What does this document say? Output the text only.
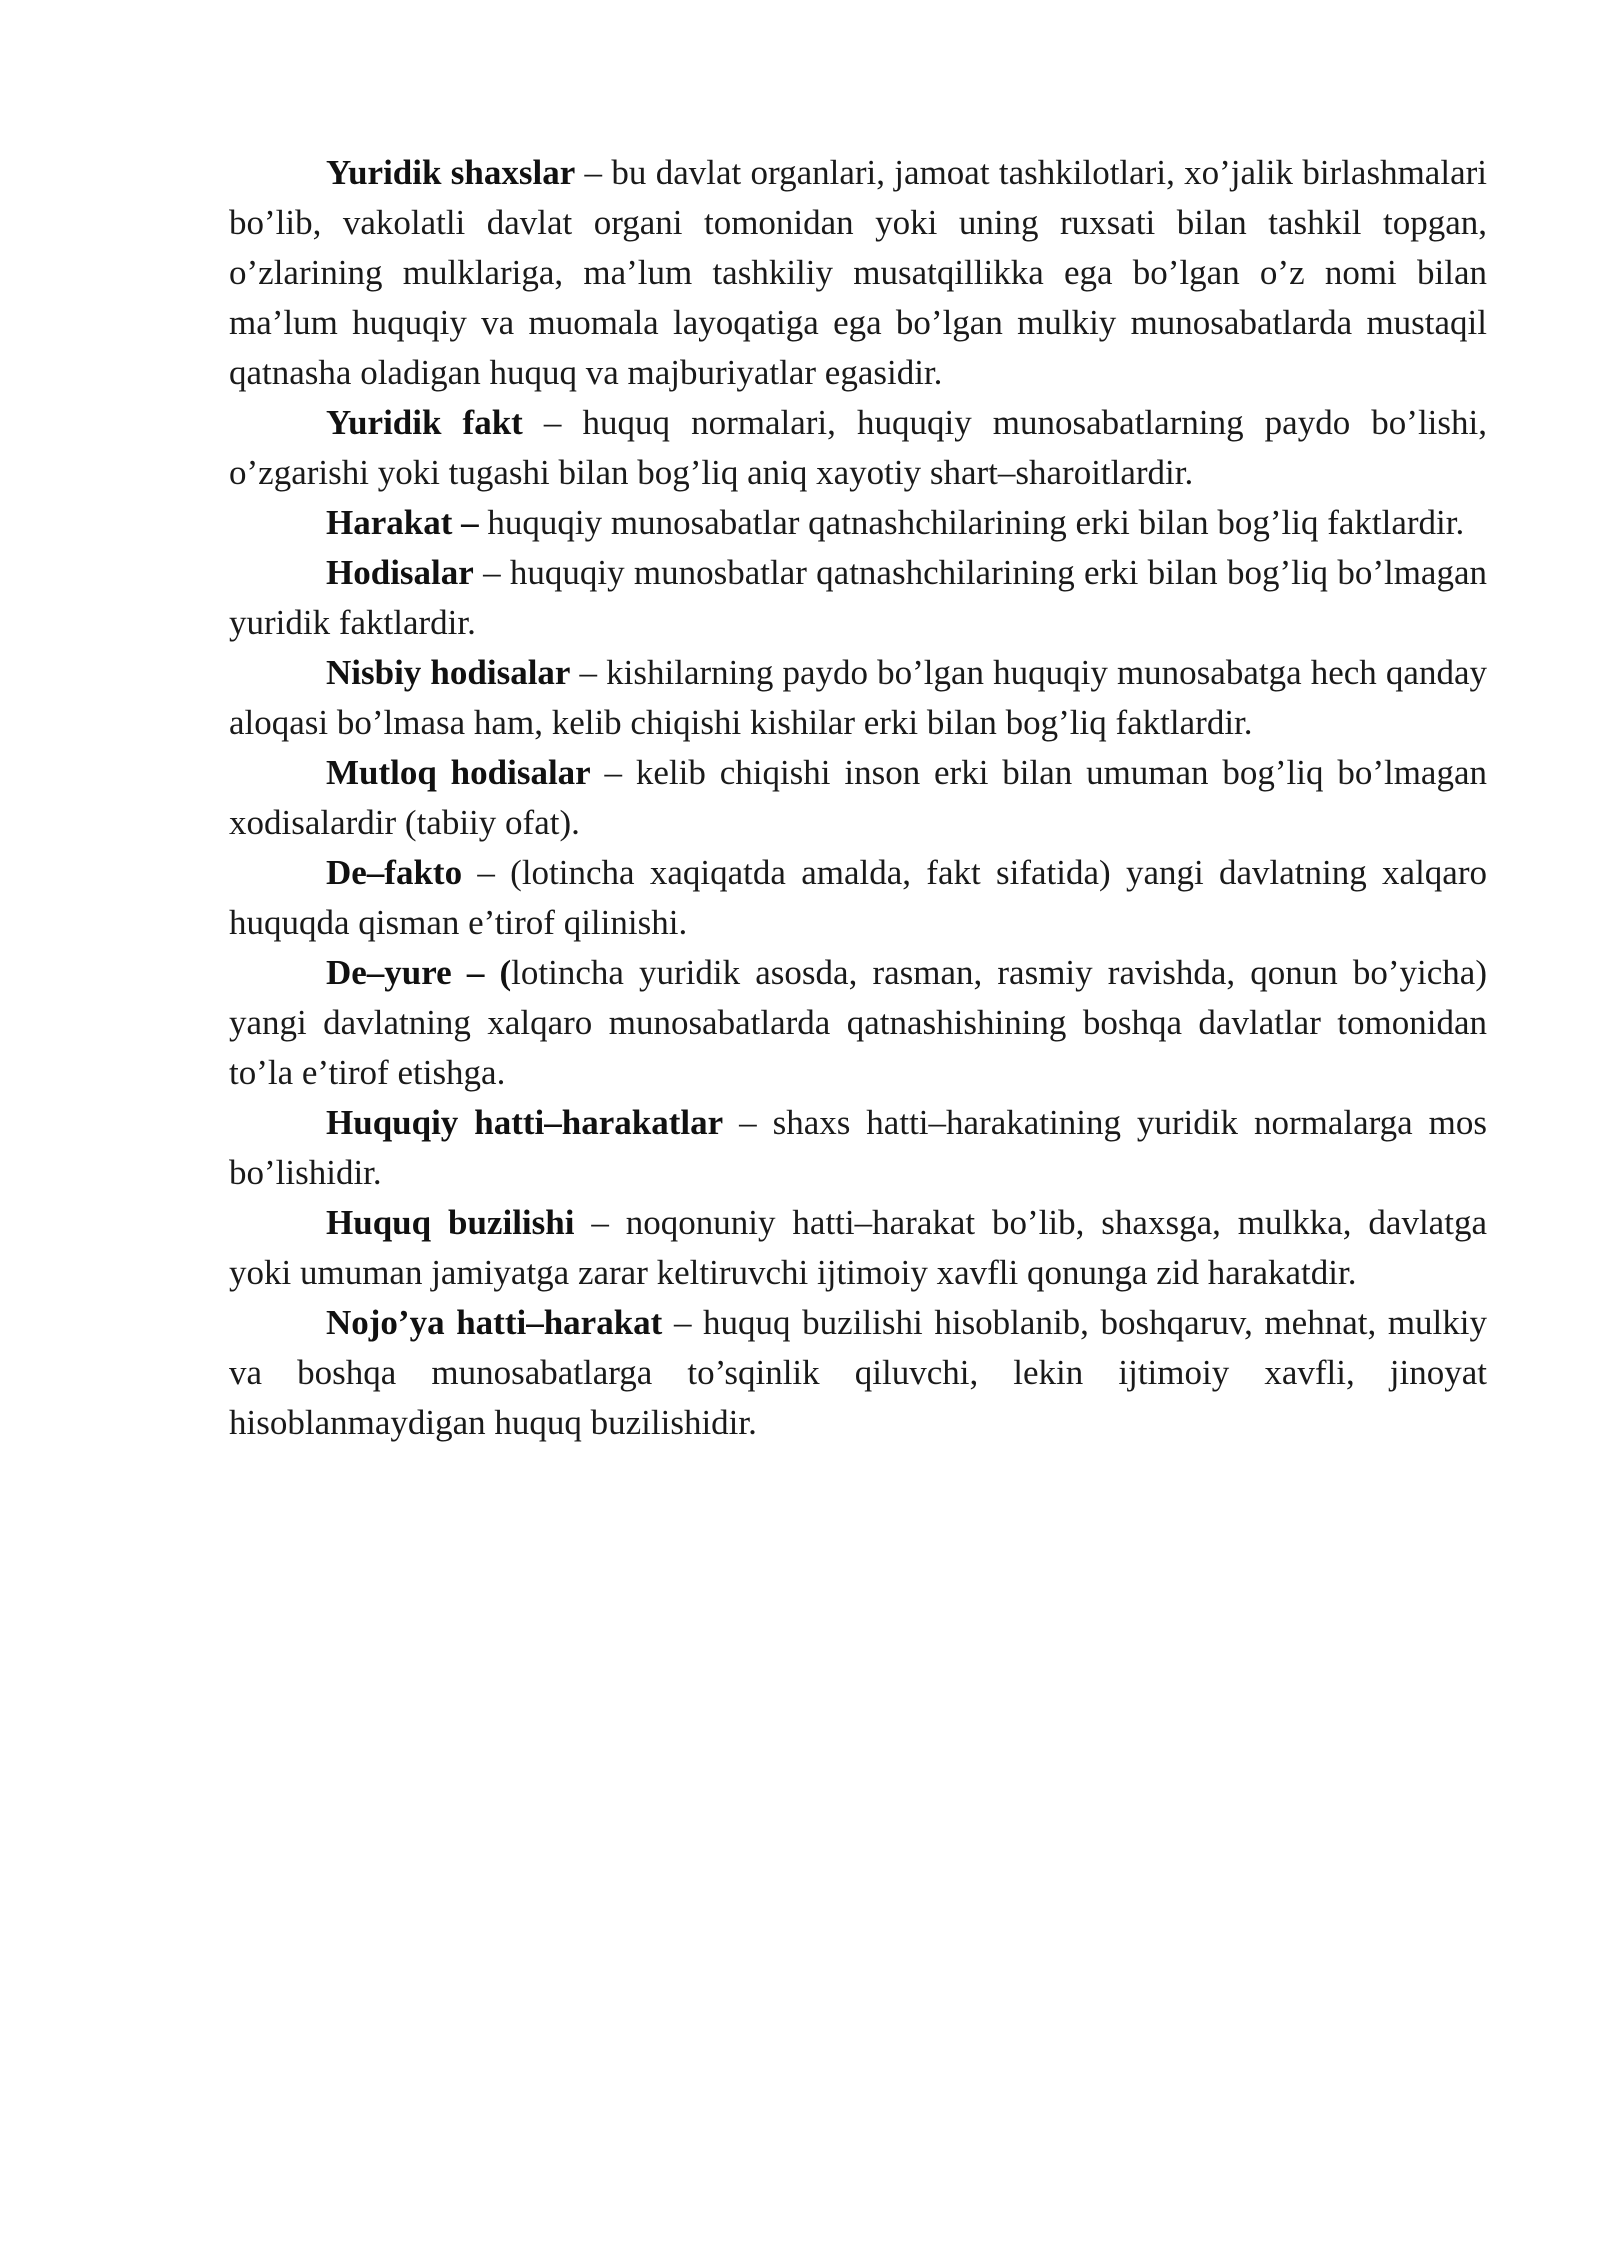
Yuridik shaxslar – bu davlat organlari, jamoat tashkilotlari, xo’jalik birlashmalari bo’lib, vakolatli davlat organi tomonidan yoki uning ruxsati bilan tashkil topgan, o’zlarining mulklariga, ma’lum tashkiliy musatqillikka ega bo’lgan o’z nomi bilan ma’lum huquqiy va muomala layoqatiga ega bo’lgan mulkiy munosabatlarda mustaqil qatnasha oladigan huquq va majburiyatlar egasidir.

Yuridik fakt – huquq normalari, huquqiy munosabatlarning paydo bo’lishi, o’zgarishi yoki tugashi bilan bog’liq aniq xayotiy shart–sharoitlardir.

Harakat – huquqiy munosabatlar qatnashchilarining erki bilan bog’liq faktlardir.

Hodisalar – huquqiy munosbatlar qatnashchilarining erki bilan bog’liq bo’lmagan yuridik faktlardir.

Nisbiy hodisalar – kishilarning paydo bo’lgan huquqiy munosabatga hech qanday aloqasi bo’lmasa ham, kelib chiqishi kishilar erki bilan bog’liq faktlardir.

Mutloq hodisalar – kelib chiqishi inson erki bilan umuman bog’liq bo’lmagan xodisalardir (tabiiy ofat).

De–fakto – (lotincha xaqiqatda amalda, fakt sifatida) yangi davlatning xalqaro huquqda qisman e’tirof qilinishi.

De–yure – (lotincha yuridik asosda, rasman, rasmiy ravishda, qonun bo’yicha) yangi davlatning xalqaro munosabatlarda qatnashishining boshqa davlatlar tomonidan to’la e’tirof etishga.

Huquqiy hatti–harakatlar – shaxs hatti–harakatining yuridik normalarga mos bo’lishidir.

Huquq buzilishi – noqonuniy hatti–harakat bo’lib, shaxsga, mulkka, davlatga yoki umuman jamiyatga zarar keltiruvchi ijtimoiy xavfli qonunga zid harakatdir.

Nojo’ya hatti–harakat – huquq buzilishi hisoblanib, boshqaruv, mehnat, mulkiy va boshqa munosabatlarga to’sqinlik qiluvchi, lekin ijtimoiy xavfli, jinoyat hisoblanmaydigan huquq buzilishidir.
